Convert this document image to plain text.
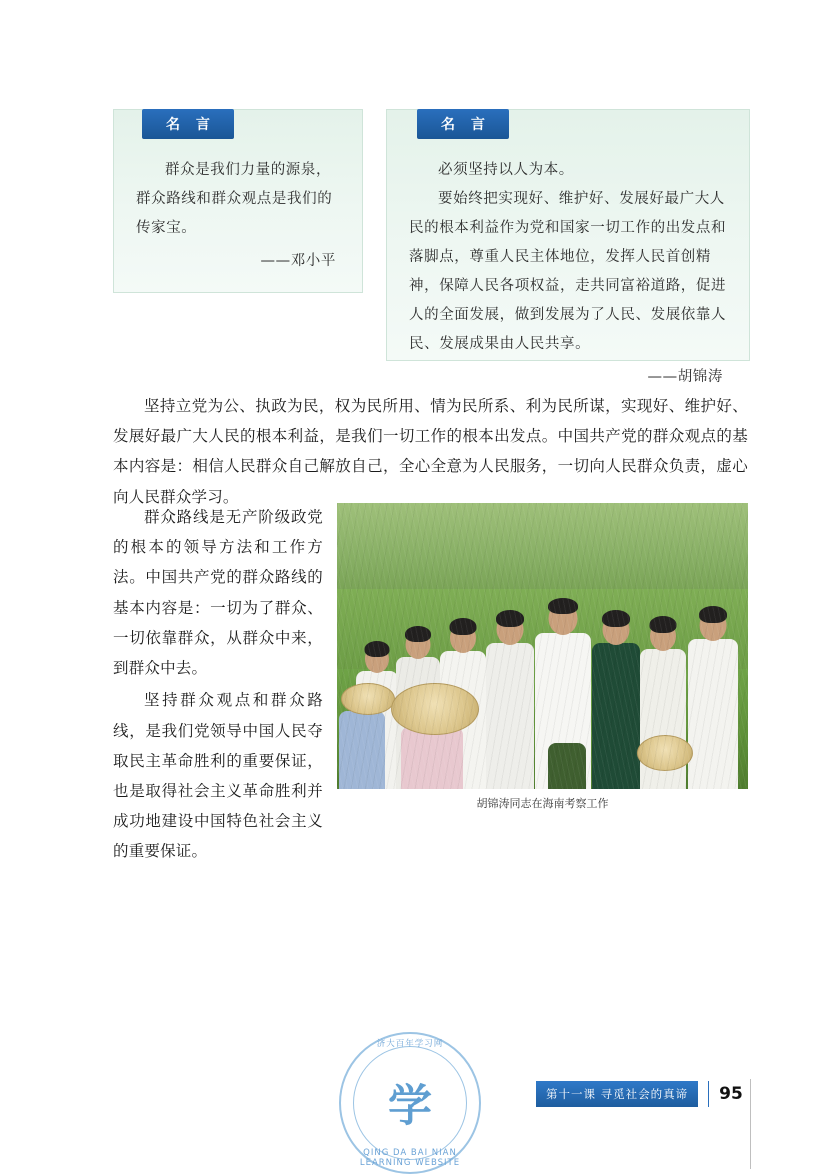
名 言

群众是我们力量的源泉，群众路线和群众观点是我们的传家宝。

——邓小平
名 言

必须坚持以人为本。

要始终把实现好、维护好、发展好最广大人民的根本利益作为党和国家一切工作的出发点和落脚点，尊重人民主体地位，发挥人民首创精神，保障人民各项权益，走共同富裕道路，促进人的全面发展，做到发展为了人民、发展依靠人民、发展成果由人民共享。

——胡锦涛

坚持立党为公、执政为民，权为民所用、情为民所系、利为民所谋，实现好、维护好、发展好最广大人民的根本利益，是我们一切工作的根本出发点。中国共产党的群众观点的基本内容是：相信人民群众自己解放自己，全心全意为人民服务，一切向人民群众负责，虚心向人民群众学习。

群众路线是无产阶级政党的根本的领导方法和工作方法。中国共产党的群众路线的基本内容是：一切为了群众、一切依靠群众，从群众中来，到群众中去。

坚持群众观点和群众路线，是我们党领导中国人民夺取民主革命胜利的重要保证，也是取得社会主义革命胜利并成功地建设中国特色社会主义的重要保证。

胡锦涛同志在海南考察工作
济大百年学习网
学
QING DA BAI NIAN LEARNING WEBSITE
第十一课 寻觅社会的真谛	95
